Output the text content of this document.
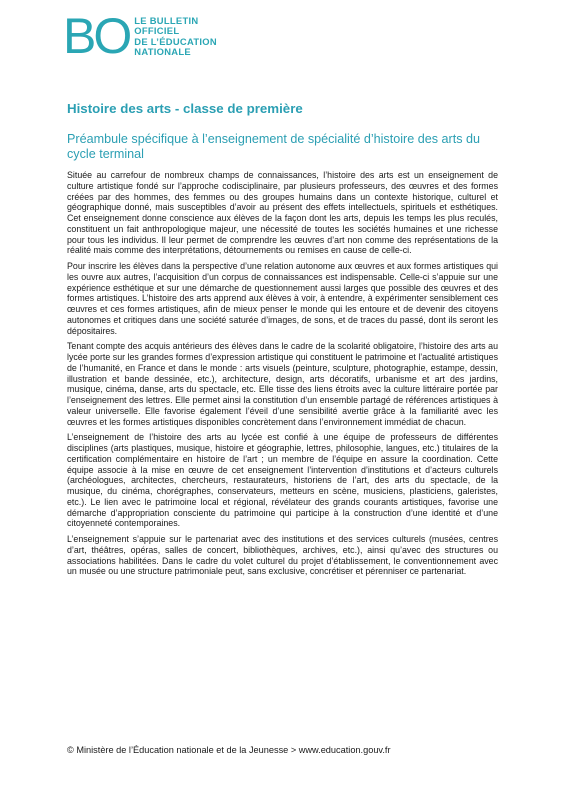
BO LE BULLETIN
OFFICIEL
DE L’ÉDUCATION
NATIONALE
Histoire des arts - classe de première
Préambule spécifique à l’enseignement de spécialité d’histoire des arts du cycle terminal

Située au carrefour de nombreux champs de connaissances, l’histoire des arts est un enseignement de culture artistique fondé sur l’approche codisciplinaire, par plusieurs professeurs, des œuvres et des formes créées par des hommes, des femmes ou des groupes humains dans un contexte historique, culturel et géographique donné, mais susceptibles d’avoir au présent des effets intellectuels, spirituels et esthétiques. Cet enseignement donne conscience aux élèves de la façon dont les arts, depuis les temps les plus reculés, constituent un fait anthropologique majeur, une nécessité de toutes les sociétés humaines et une richesse pour tous les individus. Il leur permet de comprendre les œuvres d’art non comme des représentations de la réalité mais comme des interprétations, détournements ou remises en cause de celle-ci.

Pour inscrire les élèves dans la perspective d’une relation autonome aux œuvres et aux formes artistiques qui les ouvre aux autres, l’acquisition d’un corpus de connaissances est indispensable. Celle-ci s’appuie sur une expérience esthétique et sur une démarche de questionnement aussi larges que possible des œuvres et des formes artistiques. L’histoire des arts apprend aux élèves à voir, à entendre, à expérimenter sensiblement ces œuvres et ces formes artistiques, afin de mieux penser le monde qui les entoure et de devenir des citoyens autonomes et critiques dans une société saturée d’images, de sons, et de traces du passé, dont ils seront les dépositaires.

Tenant compte des acquis antérieurs des élèves dans le cadre de la scolarité obligatoire, l’histoire des arts au lycée porte sur les grandes formes d’expression artistique qui constituent le patrimoine et l’actualité artistiques de l’humanité, en France et dans le monde : arts visuels (peinture, sculpture, photographie, estampe, dessin, illustration et bande dessinée, etc.), architecture, design, arts décoratifs, urbanisme et art des jardins, musique, cinéma, danse, arts du spectacle, etc. Elle tisse des liens étroits avec la culture littéraire portée par l’enseignement des lettres. Elle permet ainsi la constitution d’un ensemble partagé de références artistiques à valeur universelle. Elle favorise également l’éveil d’une sensibilité avertie grâce à la familiarité avec les œuvres et les formes artistiques disponibles concrètement dans l’environnement immédiat de chacun.

L’enseignement de l’histoire des arts au lycée est confié à une équipe de professeurs de différentes disciplines (arts plastiques, musique, histoire et géographie, lettres, philosophie, langues, etc.) titulaires de la certification complémentaire en histoire de l’art ; un membre de l’équipe en assure la coordination. Cette équipe associe à la mise en œuvre de cet enseignement l’intervention d’institutions et d’acteurs culturels (archéologues, architectes, chercheurs, restaurateurs, historiens de l’art, des arts du spectacle, de la musique, du cinéma, chorégraphes, conservateurs, metteurs en scène, musiciens, plasticiens, galeristes, etc.). Le lien avec le patrimoine local et régional, révélateur des grands courants artistiques, favorise une démarche d’appropriation consciente du patrimoine qui participe à la construction d’une identité et d’une citoyenneté contemporaines.

L’enseignement s’appuie sur le partenariat avec des institutions et des services culturels (musées, centres d’art, théâtres, opéras, salles de concert, bibliothèques, archives, etc.), ainsi qu’avec des structures ou associations habilitées. Dans le cadre du volet culturel du projet d’établissement, le conventionnement avec un musée ou une structure patrimoniale peut, sans exclusive, concrétiser et pérenniser ce partenariat.

© Ministère de l’Éducation nationale et de la Jeunesse > www.education.gouv.fr
